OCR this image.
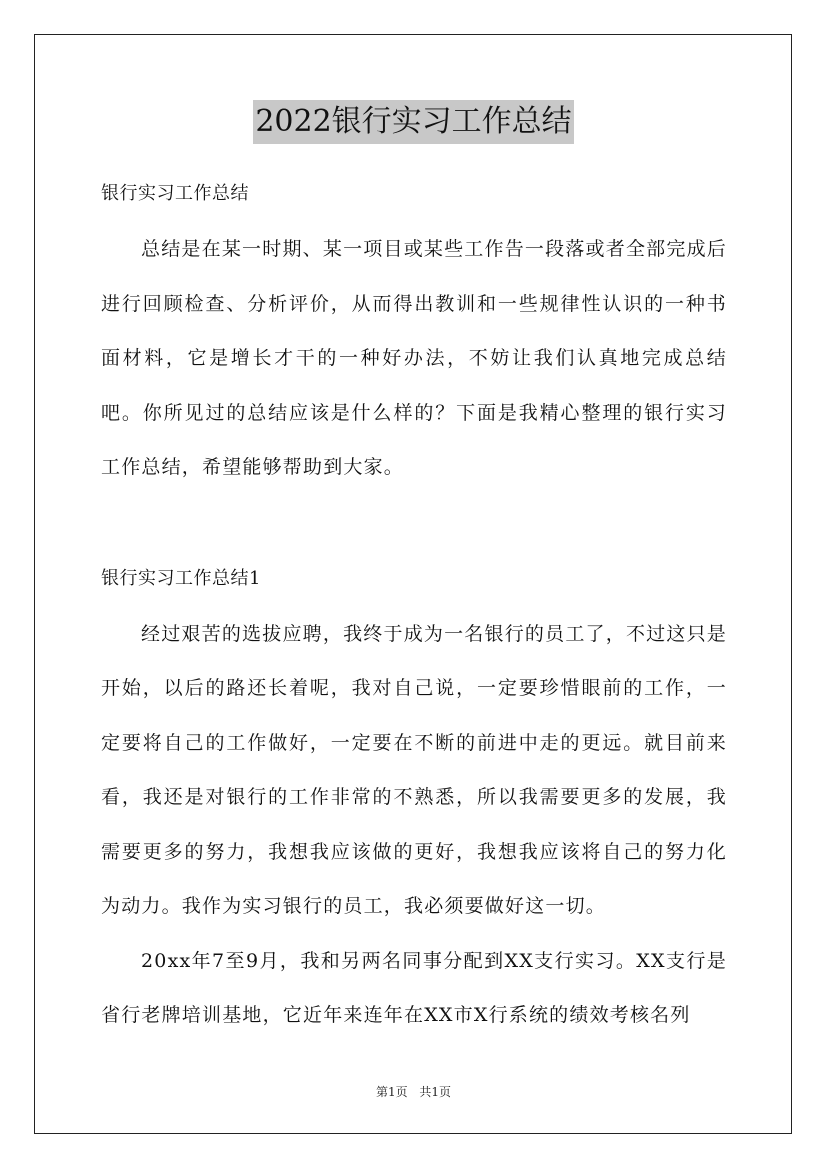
2022银行实习工作总结
银行实习工作总结

总结是在某一时期、某一项目或某些工作告一段落或者全部完成后进行回顾检查、分析评价，从而得出教训和一些规律性认识的一种书面材料，它是增长才干的一种好办法，不妨让我们认真地完成总结吧。你所见过的总结应该是什么样的？下面是我精心整理的银行实习工作总结，希望能够帮助到大家。

银行实习工作总结1

经过艰苦的选拔应聘，我终于成为一名银行的员工了，不过这只是开始，以后的路还长着呢，我对自己说，一定要珍惜眼前的工作，一定要将自己的工作做好，一定要在不断的前进中走的更远。就目前来看，我还是对银行的工作非常的不熟悉，所以我需要更多的发展，我需要更多的努力，我想我应该做的更好，我想我应该将自己的努力化为动力。我作为实习银行的员工，我必须要做好这一切。

20xx年7至9月，我和另两名同事分配到XX支行实习。XX支行是省行老牌培训基地，它近年来连年在XX市X行系统的绩效考核名列

第1页 共1页
